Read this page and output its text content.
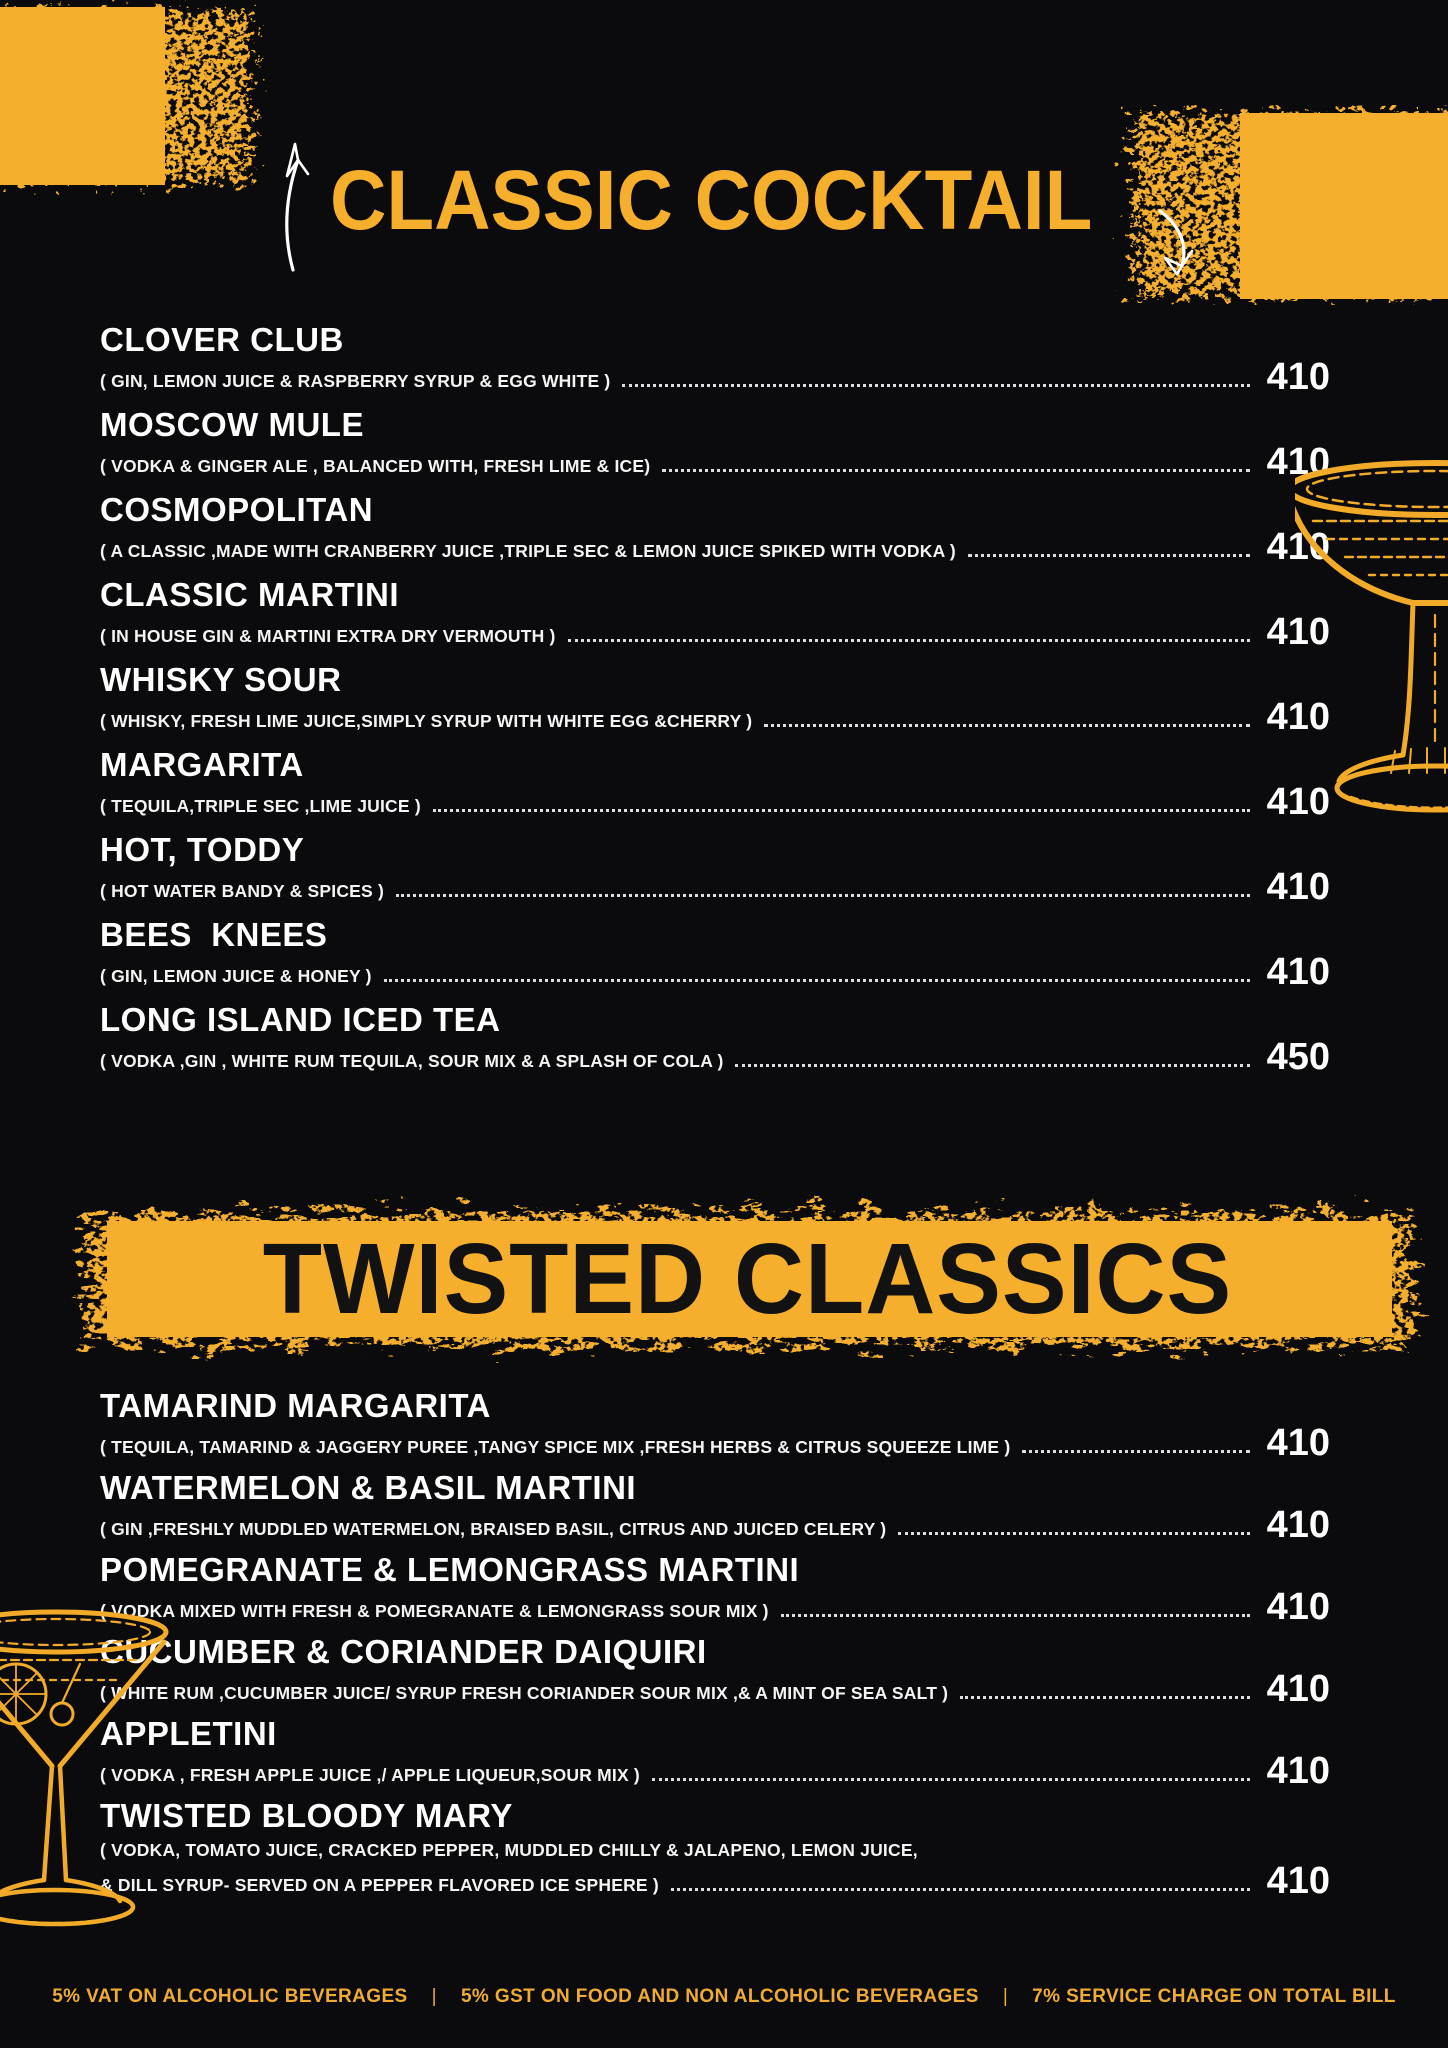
CLASSIC COCKTAIL
CLOVER CLUB
( GIN, LEMON JUICE & RASPBERRY SYRUP & EGG WHITE )	410
MOSCOW MULE
( VODKA & GINGER ALE , BALANCED WITH, FRESH LIME & ICE)	410
COSMOPOLITAN
( A CLASSIC ,MADE WITH CRANBERRY JUICE ,TRIPLE SEC & LEMON JUICE SPIKED WITH VODKA )	410
CLASSIC MARTINI
( IN HOUSE GIN & MARTINI EXTRA DRY VERMOUTH )	410
WHISKY SOUR
( WHISKY, FRESH LIME JUICE,SIMPLY SYRUP WITH WHITE EGG &CHERRY )	410
MARGARITA
( TEQUILA,TRIPLE SEC ,LIME JUICE )	410
HOT, TODDY
( HOT WATER BANDY & SPICES )	410
BEES  KNEES
( GIN, LEMON JUICE & HONEY )	410
LONG ISLAND ICED TEA
( VODKA ,GIN , WHITE RUM TEQUILA, SOUR MIX & A SPLASH OF COLA )	450
TWISTED CLASSICS
TAMARIND MARGARITA
( TEQUILA, TAMARIND & JAGGERY PUREE ,TANGY SPICE MIX ,FRESH HERBS & CITRUS SQUEEZE LIME )	410
WATERMELON & BASIL MARTINI
( GIN ,FRESHLY MUDDLED WATERMELON, BRAISED BASIL, CITRUS AND JUICED CELERY )	410
POMEGRANATE & LEMONGRASS MARTINI
( VODKA MIXED WITH FRESH & POMEGRANATE & LEMONGRASS SOUR MIX )	410
CUCUMBER & CORIANDER DAIQUIRI
( WHITE RUM ,CUCUMBER JUICE/ SYRUP FRESH CORIANDER SOUR MIX ,& A MINT OF SEA SALT )	410
APPLETINI
( VODKA , FRESH APPLE JUICE ,/ APPLE LIQUEUR,SOUR MIX )	410
TWISTED BLOODY MARY
( VODKA, TOMATO JUICE, CRACKED PEPPER, MUDDLED CHILLY & JALAPENO, LEMON JUICE,
& DILL SYRUP- SERVED ON A PEPPER FLAVORED ICE SPHERE )	410
5% VAT ON ALCOHOLIC BEVERAGES | 5% GST ON FOOD AND NON ALCOHOLIC BEVERAGES | 7% SERVICE CHARGE ON TOTAL BILL
